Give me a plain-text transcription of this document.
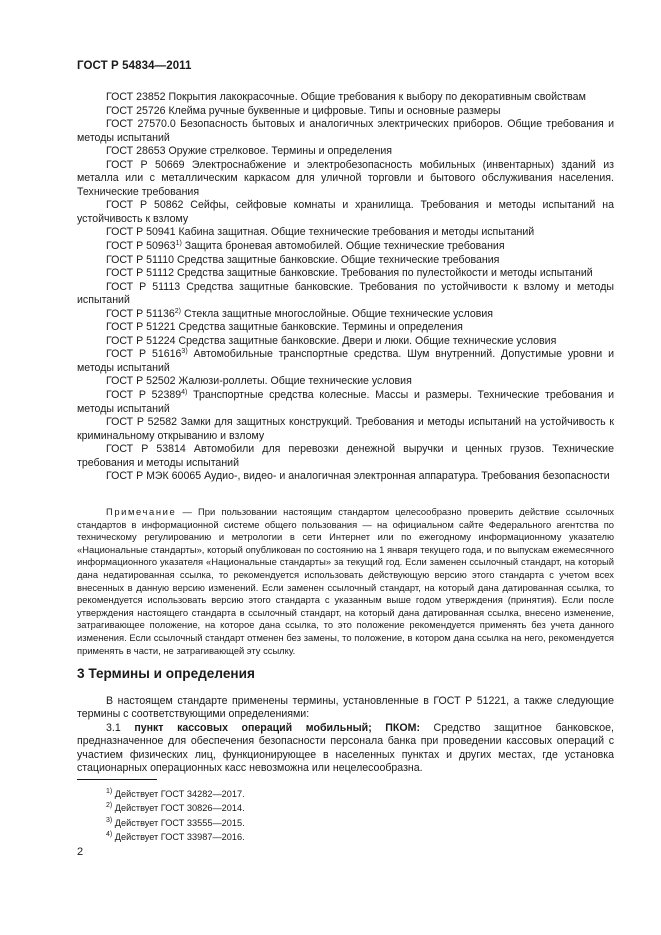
ГОСТ Р 54834—2011

ГОСТ 23852 Покрытия лакокрасочные. Общие требования к выбору по декоративным свойствам

ГОСТ 25726 Клейма ручные буквенные и цифровые. Типы и основные размеры

ГОСТ 27570.0 Безопасность бытовых и аналогичных электрических приборов. Общие требования и методы испытаний

ГОСТ 28653 Оружие стрелковое. Термины и определения

ГОСТ Р 50669 Электроснабжение и электробезопасность мобильных (инвентарных) зданий из металла или с металлическим каркасом для уличной торговли и бытового обслуживания населения. Технические требования

ГОСТ Р 50862 Сейфы, сейфовые комнаты и хранилища. Требования и методы испытаний на устойчивость к взлому

ГОСТ Р 50941 Кабина защитная. Общие технические требования и методы испытаний

ГОСТ Р 50963$^{1)}$ Защита броневая автомобилей. Общие технические требования

ГОСТ Р 51110 Средства защитные банковские. Общие технические требования

ГОСТ Р 51112 Средства защитные банковские. Требования по пулестойкости и методы испытаний

ГОСТ Р 51113 Средства защитные банковские. Требования по устойчивости к взлому и методы испытаний

ГОСТ Р 51136$^{2)}$ Стекла защитные многослойные. Общие технические условия

ГОСТ Р 51221 Средства защитные банковские. Термины и определения

ГОСТ Р 51224 Средства защитные банковские. Двери и люки. Общие технические условия

ГОСТ Р 51616$^{3)}$ Автомобильные транспортные средства. Шум внутренний. Допустимые уровни и методы испытаний

ГОСТ Р 52502 Жалюзи-роллеты. Общие технические условия

ГОСТ Р 52389$^{4)}$ Транспортные средства колесные. Массы и размеры. Технические требования и методы испытаний

ГОСТ Р 52582 Замки для защитных конструкций. Требования и методы испытаний на устойчивость к криминальному открыванию и взлому

ГОСТ Р 53814 Автомобили для перевозки денежной выручки и ценных грузов. Технические требования и методы испытаний

ГОСТ Р МЭК 60065 Аудио-, видео- и аналогичная электронная аппаратура. Требования безопасности

Примечание — При пользовании настоящим стандартом целесообразно проверить действие ссылочных стандартов в информационной системе общего пользования — на официальном сайте Федерального агентства по техническому регулированию и метрологии в сети Интернет или по ежегодному информационному указателю «Национальные стандарты», который опубликован по состоянию на 1 января текущего года, и по выпускам ежемесячного информационного указателя «Национальные стандарты» за текущий год. Если заменен ссылочный стандарт, на который дана недатированная ссылка, то рекомендуется использовать действующую версию этого стандарта с учетом всех внесенных в данную версию изменений. Если заменен ссылочный стандарт, на который дана датированная ссылка, то рекомендуется использовать версию этого стандарта с указанным выше годом утверждения (принятия). Если после утверждения настоящего стандарта в ссылочный стандарт, на который дана датированная ссылка, внесено изменение, затрагивающее положение, на которое дана ссылка, то это положение рекомендуется применять без учета данного изменения. Если ссылочный стандарт отменен без замены, то положение, в котором дана ссылка на него, рекомендуется применять в части, не затрагивающей эту ссылку.

3 Термины и определения

В настоящем стандарте применены термины, установленные в ГОСТ Р 51221, а также следующие термины с соответствующими определениями:

3.1 пункт кассовых операций мобильный; ПКОМ: Средство защитное банковское, предназначенное для обеспечения безопасности персонала банка при проведении кассовых операций с участием физических лиц, функционирующее в населенных пунктах и других местах, где установка стационарных операционных касс невозможна или нецелесообразна.

$^{1)}$ Действует ГОСТ 34282—2017.
$^{2)}$ Действует ГОСТ 30826—2014.
$^{3)}$ Действует ГОСТ 33555—2015.
$^{4)}$ Действует ГОСТ 33987—2016.
2
